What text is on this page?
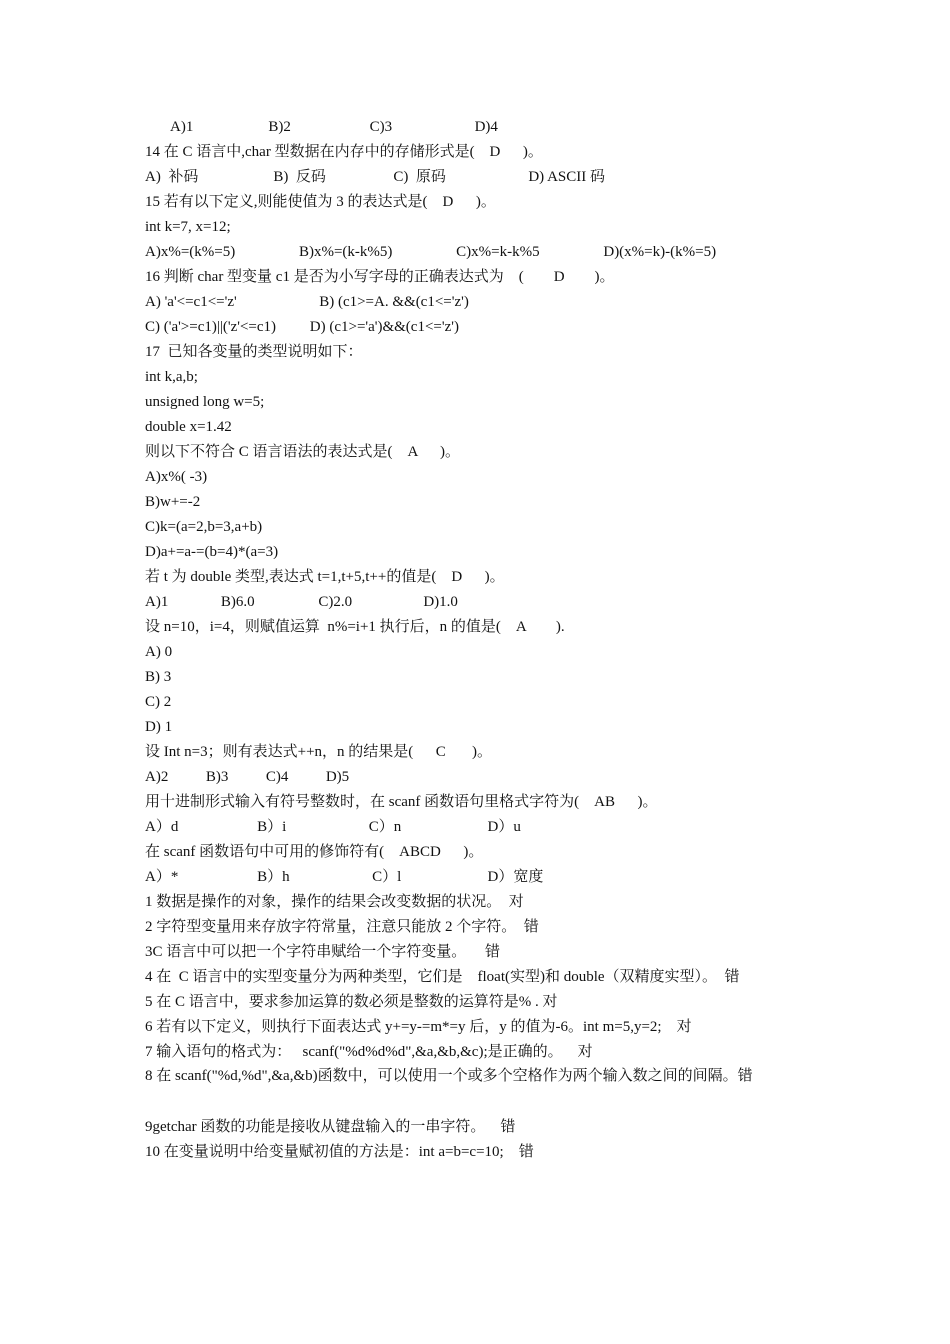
A)1                    B)2                     C)3                      D)4
14 在 C 语言中,char 型数据在内存中的存储形式是(    D      )。
A)  补码                    B)  反码                  C)  原码                      D) ASCII 码
15 若有以下定义,则能使值为 3 的表达式是(    D      )。
int k=7, x=12;
A)x%=(k%=5)                 B)x%=(k-k%5)                 C)x%=k-k%5                 D)(x%=k)-(k%=5)
16 判断 char 型变量 c1 是否为小写字母的正确表达式为    (        D        )。
A) 'a'<=c1<='z'                      B) (c1>=A. &&(c1<='z')
C) ('a'>=c1)||('z'<=c1)         D) (c1>='a')&&(c1<='z')
17  已知各变量的类型说明如下：
int k,a,b;
unsigned long w=5;
double x=1.42
则以下不符合 C 语言语法的表达式是(    A      )。
A)x%( -3)
B)w+=-2
C)k=(a=2,b=3,a+b)
D)a+=a-=(b=4)*(a=3)
若 t 为 double 类型,表达式 t=1,t+5,t++的值是(    D      )。
A)1              B)6.0                 C)2.0                   D)1.0
设 n=10，i=4，则赋值运算  n%=i+1 执行后，n 的值是(    A        ).
A) 0
B) 3
C) 2
D) 1
设 Int n=3；则有表达式++n，n 的结果是(      C       )。
A)2          B)3          C)4          D)5
用十进制形式输入有符号整数时，在 scanf 函数语句里格式字符为(    AB      )。
A）d                     B）i                      C）n                       D）u
在 scanf 函数语句中可用的修饰符有(    ABCD      )。
A）*                     B）h                      C）l                       D）宽度
1 数据是操作的对象，操作的结果会改变数据的状况。  对
2 字符型变量用来存放字符常量，注意只能放 2 个字符。  错
3C 语言中可以把一个字符串赋给一个字符变量。     错
4 在  C 语言中的实型变量分为两种类型，它们是    float(实型)和 double（双精度实型）。  错
5 在 C 语言中，要求参加运算的数必须是整数的运算符是% . 对
6 若有以下定义，则执行下面表达式 y+=y-=m*=y 后，y 的值为-6。int m=5,y=2;    对
7 输入语句的格式为：   scanf("%d%d%d",&a,&b,&c);是正确的。    对
8 在 scanf("%d,%d",&a,&b)函数中，可以使用一个或多个空格作为两个输入数之间的间隔。错
9getchar 函数的功能是接收从键盘输入的一串字符。    错
10 在变量说明中给变量赋初值的方法是：int a=b=c=10;    错
